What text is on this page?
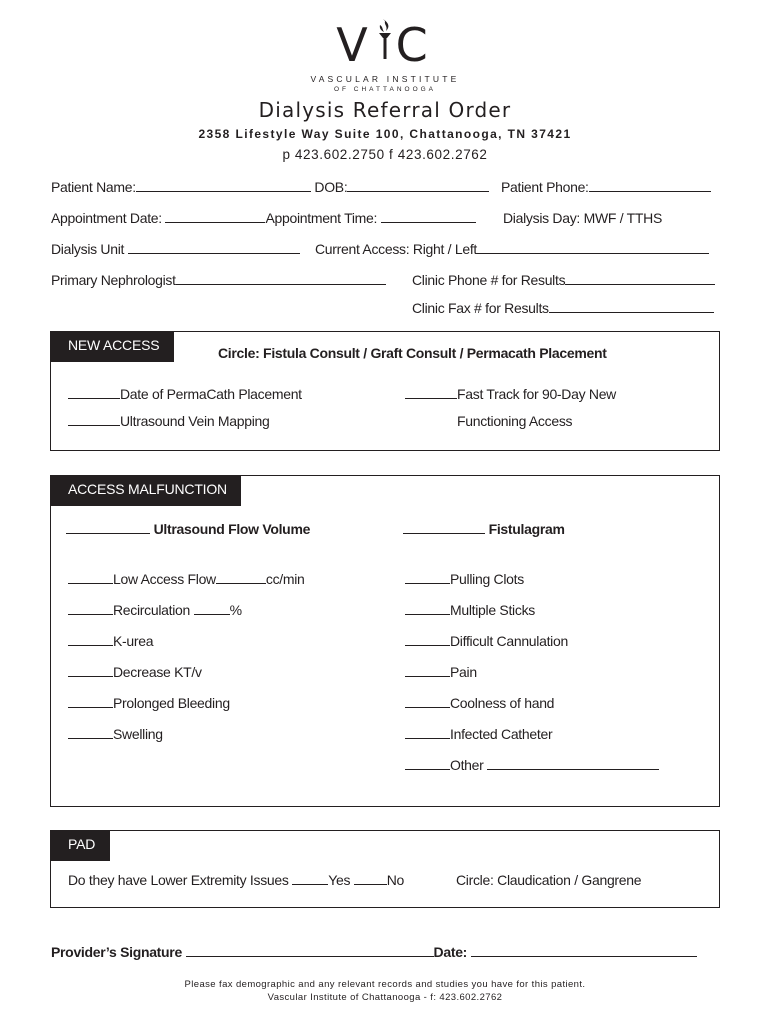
V C
VASCULAR INSTITUTE
OF CHATTANOOGA
Dialysis Referral Order
2358 Lifestyle Way Suite 100, Chattanooga, TN 37421
p 423.602.2750 f 423.602.2762
Patient Name:	DOB:	Patient Phone:
Appointment Date:	Appointment Time:	Dialysis Day: MWF / TTHS
Dialysis Unit	Current Access: Right / Left
Primary Nephrologist	Clinic Phone # for Results
Clinic Fax # for Results
NEW ACCESS	Circle: Fistula Consult / Graft Consult / Permacath Placement
Date of PermaCath Placement
Ultrasound Vein Mapping
Fast Track for 90-Day New
Functioning Access
ACCESS MALFUNCTION
Ultrasound Flow Volume	Fistulagram
Low Access Flow	cc/min
Recirculation	%
K-urea
Decrease KT/v
Prolonged Bleeding
Swelling
Pulling Clots
Multiple Sticks
Difficult Cannulation
Pain
Coolness of hand
Infected Catheter
Other
PAD
Do they have Lower Extremity Issues	Yes	No	Circle: Claudication / Gangrene
Provider’s Signature	Date:
Please fax demographic and any relevant records and studies you have for this patient.
Vascular Institute of Chattanooga - f: 423.602.2762
